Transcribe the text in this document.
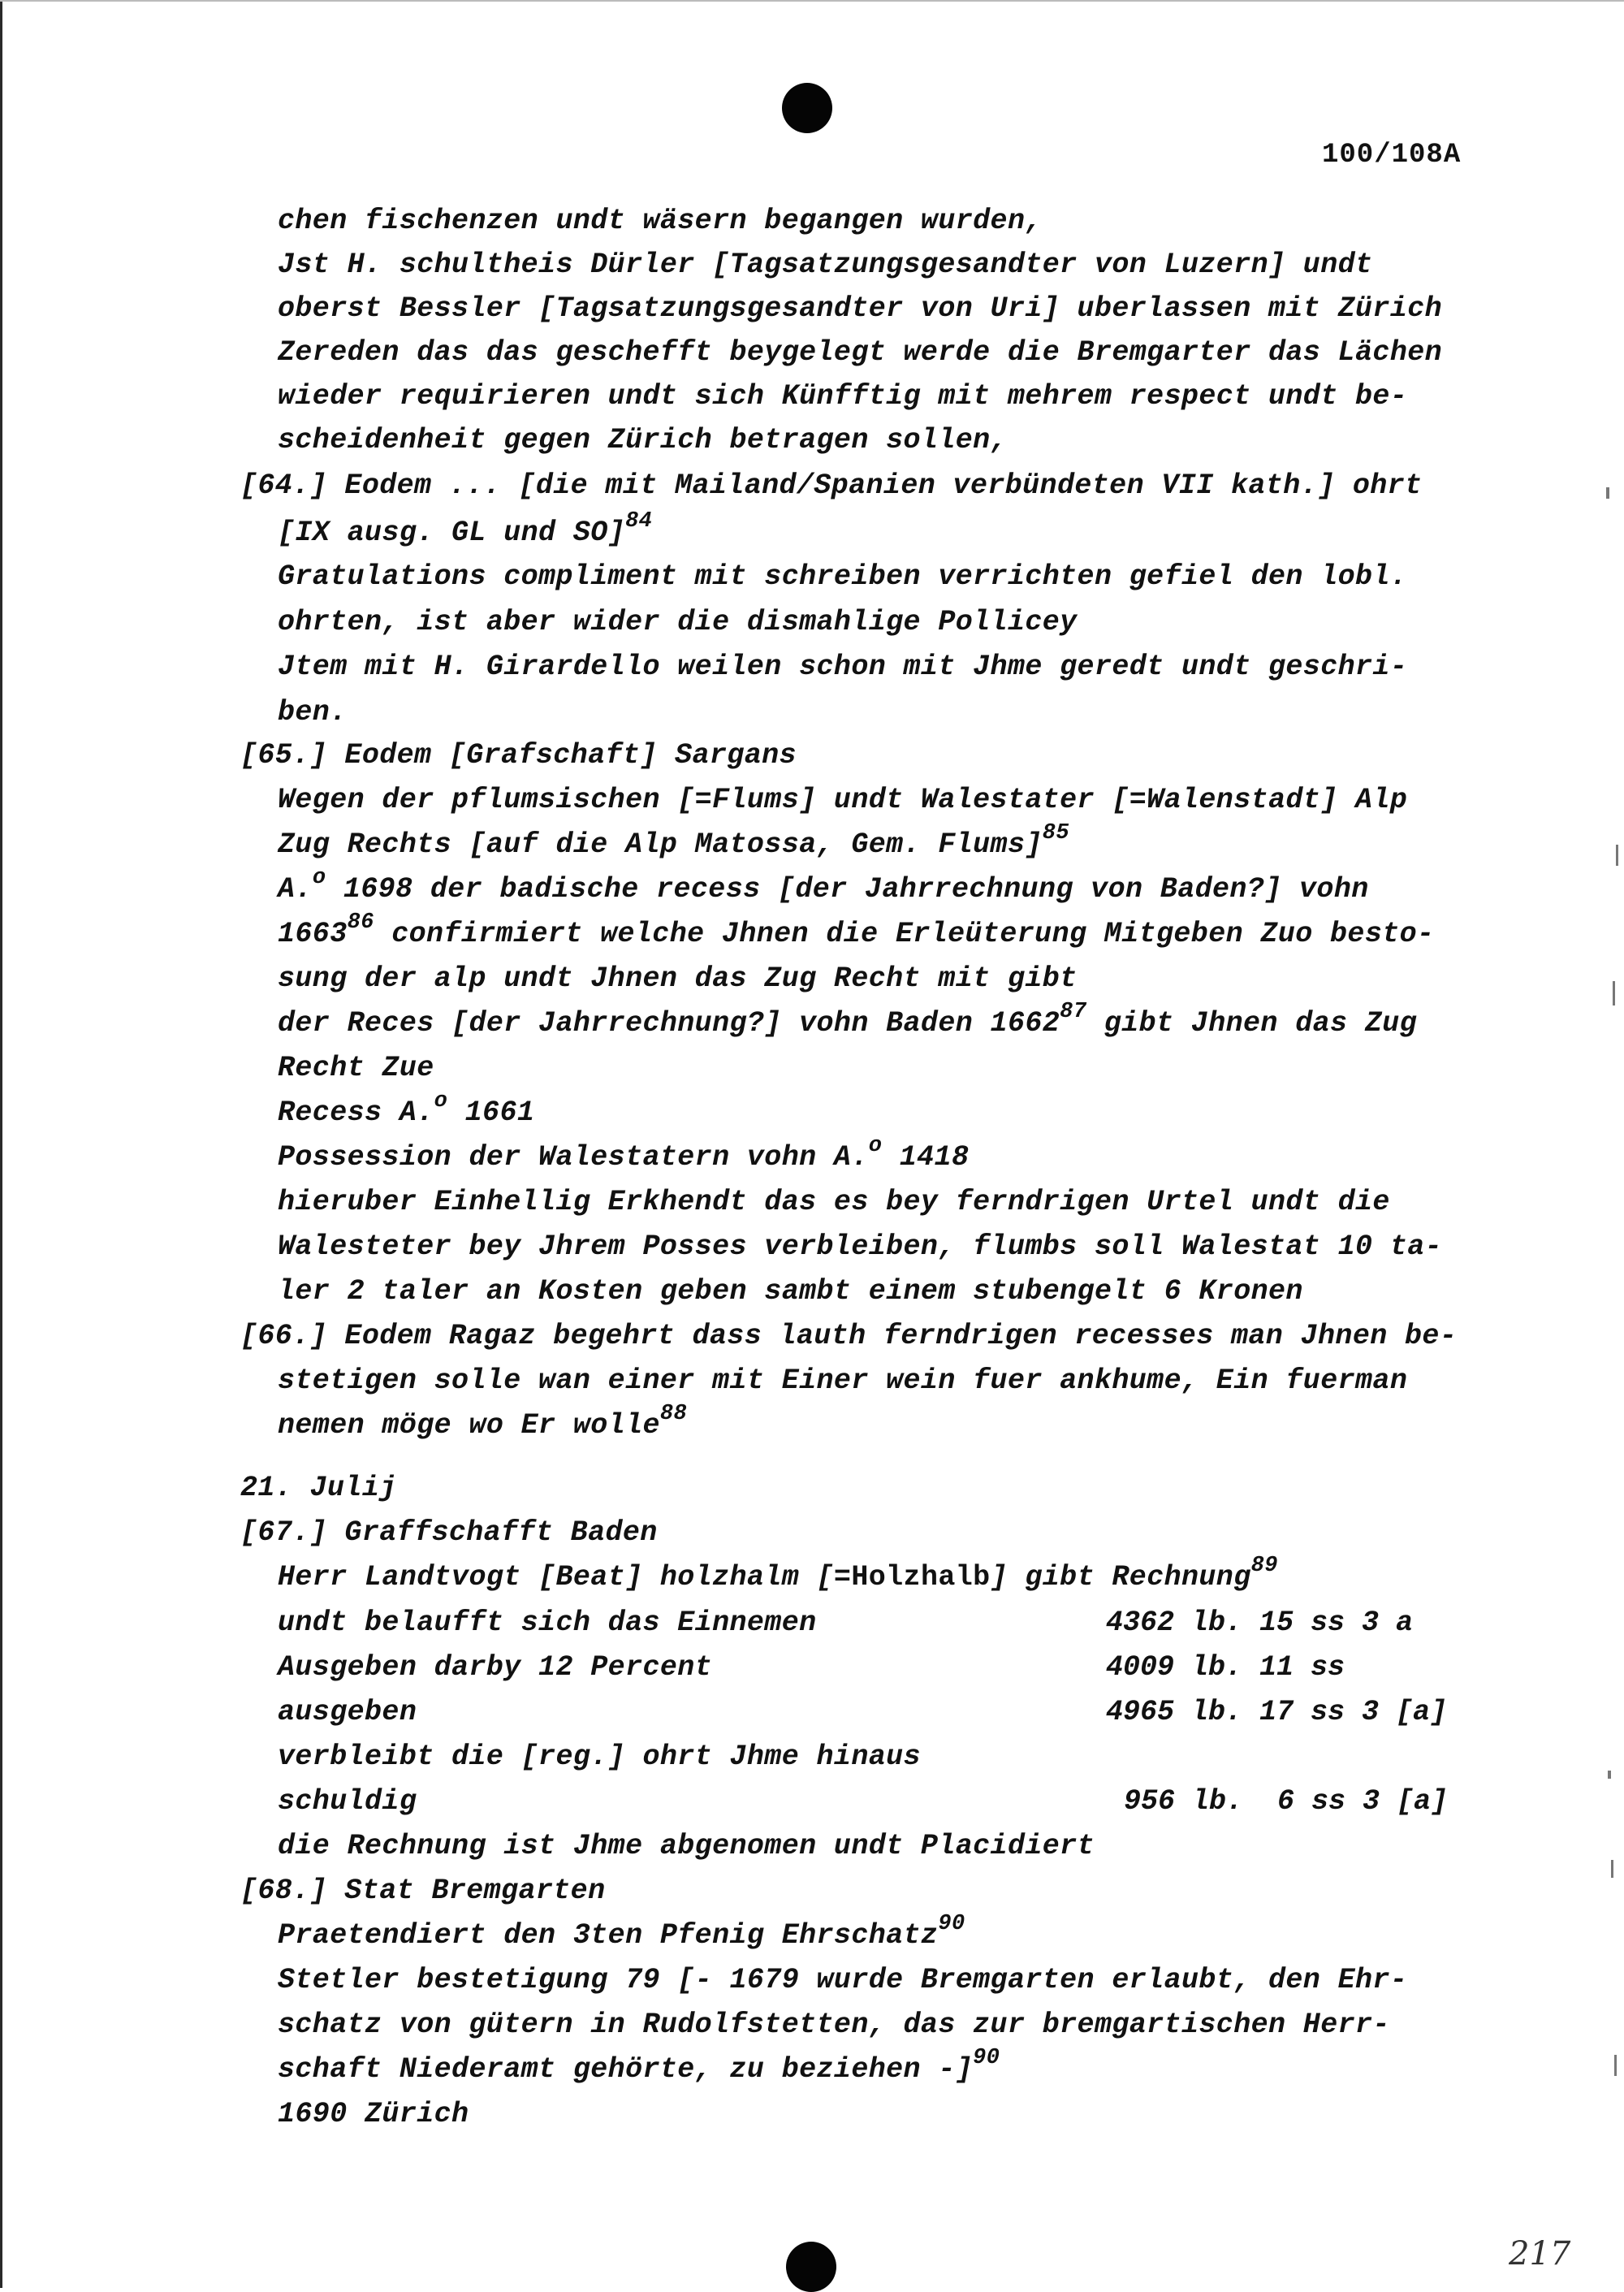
100/108A
217
chen fischenzen undt wäsern begangen wurden,
Jst H. schultheis Dürler [Tagsatzungsgesandter von Luzern] undt
oberst Bessler [Tagsatzungsgesandter von Uri] uberlassen mit Zürich
Zereden das das geschefft beygelegt werde die Bremgarter das Lächen
wieder requirieren undt sich Künfftig mit mehrem respect undt be-
scheidenheit gegen Zürich betragen sollen,
[64.] Eodem ... [die mit Mailand/Spanien verbündeten VII kath.] ohrt
[IX ausg. GL und SO]$^{84}$
Gratulations compliment mit schreiben verrichten gefiel den lobl.
ohrten, ist aber wider die dismahlige Pollicey
Jtem mit H. Girardello weilen schon mit Jhme geredt undt geschri-
ben.
[65.] Eodem [Grafschaft] Sargans
Wegen der pflumsischen [=Flums] undt Walestater [=Walenstadt] Alp
Zug Rechts [auf die Alp Matossa, Gem. Flums]$^{85}$
A.$^o$ 1698 der badische recess [der Jahrrechnung von Baden?] vohn
1663$^{86}$ confirmiert welche Jhnen die Erleüterung Mitgeben Zuo besto-
sung der alp undt Jhnen das Zug Recht mit gibt
der Reces [der Jahrrechnung?] vohn Baden 1662$^{87}$ gibt Jhnen das Zug
Recht Zue
Recess A.$^o$ 1661
Possession der Walestatern vohn A.$^o$ 1418
hieruber Einhellig Erkhendt das es bey ferndrigen Urtel undt die
Walesteter bey Jhrem Posses verbleiben, flumbs soll Walestat 10 ta-
ler 2 taler an Kosten geben sambt einem stubengelt 6 Kronen
[66.] Eodem Ragaz begehrt dass lauth ferndrigen recesses man Jhnen be-
stetigen solle wan einer mit Einer wein fuer ankhume, Ein fuerman
nemen möge wo Er wolle$^{88}$
21. Julij
[67.] Graffschafft Baden
Herr Landtvogt [Beat] holzhalm [=Holzhalb] gibt Rechnung$^{89}$
undt belaufft sich das Einnemen	4362 lb. 15 ss 3 a
Ausgeben darby 12 Percent	4009 lb. 11 ss
ausgeben	4965 lb. 17 ss 3 [a]
verbleibt die [reg.] ohrt Jhme hinaus
schuldig	956 lb.  6 ss 3 [a]
die Rechnung ist Jhme abgenomen undt Placidiert
[68.] Stat Bremgarten
Praetendiert den 3ten Pfenig Ehrschatz$^{90}$
Stetler bestetigung 79 [- 1679 wurde Bremgarten erlaubt, den Ehr-
schatz von gütern in Rudolfstetten, das zur bremgartischen Herr-
schaft Niederamt gehörte, zu beziehen -]$^{90}$
1690 Zürich
